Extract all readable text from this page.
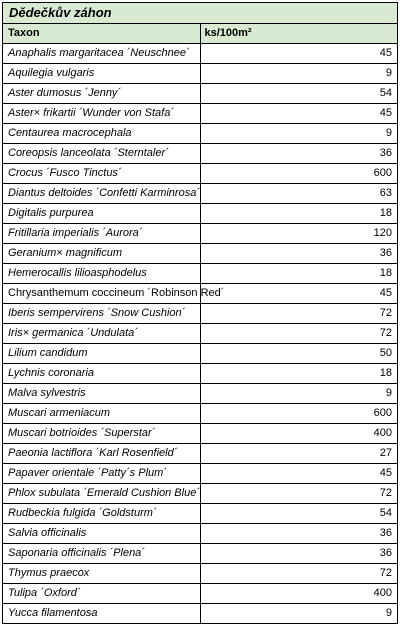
Dědečkův záhon	
Taxon	ks/100m²
Anaphalis margaritacea ´Neuschnee´	45
Aquilegia vulgaris	9
Aster dumosus ´Jenny´	54
Aster× frikartii ´Wunder von Stafa´	45
Centaurea macrocephala	9
Coreopsis lanceolata ´Sterntaler´	36
Crocus ´Fusco Tinctus´	600
Diantus deltoides ´Confetti Karminrosa´	63
Digitalis purpurea	18
Fritillaria imperialis ´Aurora´	120
Geranium× magnificum	36
Hemerocallis lilioasphodelus	18
Chrysanthemum coccineum ´Robinson Red´	45
Iberis sempervirens ´Snow Cushion´	72
Iris× germanica ´Undulata´	72
Lilium candidum	50
Lychnis coronaria	18
Malva sylvestris	9
Muscari armeniacum	600
Muscari botrioides ´Superstar´	400
Paeonia lactiflora ´Karl Rosenfield´	27
Papaver orientale ´Patty´s Plum´	45
Phlox subulata ´Emerald Cushion Blue´	72
Rudbeckia fulgida ´Goldsturm´	54
Salvia officinalis	36
Saponaria officinalis ´Plena´	36
Thymus praecox	72
Tulipa ´Oxford´	400
Yucca filamentosa	9
